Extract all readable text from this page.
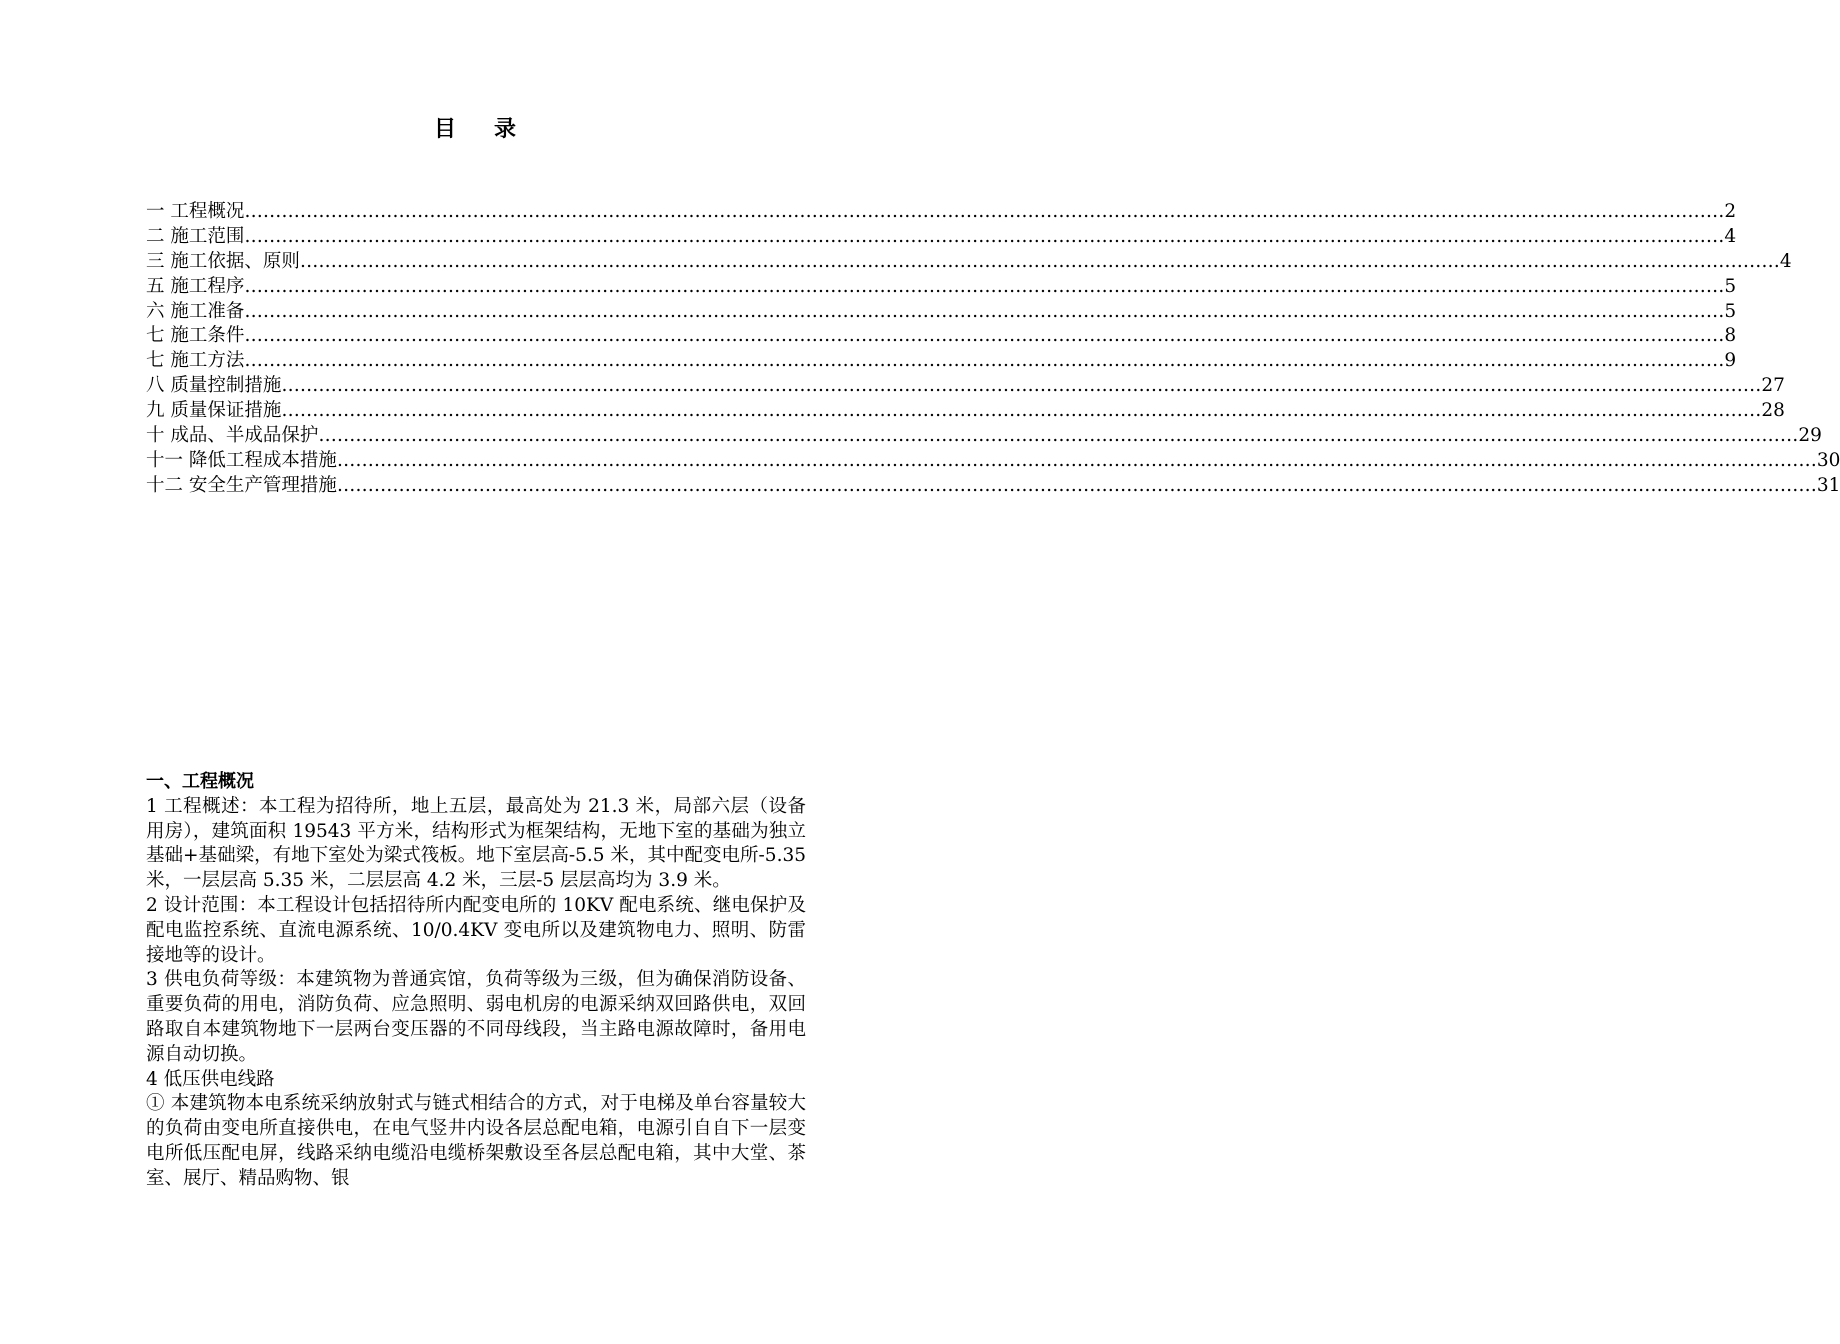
目 录
一 工程概况 …………………………………………………………………………………………………………………………………………………………………………………………………………………… 2
二 施工范围 …………………………………………………………………………………………………………………………………………………………………………………………………………………… 4
三 施工依据、原则 …………………………………………………………………………………………………………………………………………………………………………………………………………………… 4
五 施工程序 …………………………………………………………………………………………………………………………………………………………………………………………………………………… 5
六 施工准备 …………………………………………………………………………………………………………………………………………………………………………………………………………………… 5
七 施工条件 …………………………………………………………………………………………………………………………………………………………………………………………………………………… 8
七 施工方法 …………………………………………………………………………………………………………………………………………………………………………………………………………………… 9
八 质量控制措施 …………………………………………………………………………………………………………………………………………………………………………………………………………………… 27
九 质量保证措施 …………………………………………………………………………………………………………………………………………………………………………………………………………………… 28
十 成品、半成品保护 …………………………………………………………………………………………………………………………………………………………………………………………………………………… 29
十一 降低工程成本措施 …………………………………………………………………………………………………………………………………………………………………………………………………………………… 30
十二 安全生产管理措施 …………………………………………………………………………………………………………………………………………………………………………………………………………………… 31
一、工程概况

1 工程概述：本工程为招待所，地上五层，最高处为 21.3 米，局部六层（设备用房），建筑面积 19543 平方米，结构形式为框架结构，无地下室的基础为独立基础+基础梁，有地下室处为梁式筏板。地下室层高-5.5 米，其中配变电所-5.35 米，一层层高 5.35 米，二层层高 4.2 米，三层-5 层层高均为 3.9 米。

2 设计范围：本工程设计包括招待所内配变电所的 10KV 配电系统、继电保护及配电监控系统、直流电源系统、10/0.4KV 变电所以及建筑物电力、照明、防雷接地等的设计。

3 供电负荷等级：本建筑物为普通宾馆，负荷等级为三级，但为确保消防设备、重要负荷的用电，消防负荷、应急照明、弱电机房的电源采纳双回路供电，双回路取自本建筑物地下一层两台变压器的不同母线段，当主路电源故障时，备用电源自动切换。

4 低压供电线路

① 本建筑物本电系统采纳放射式与链式相结合的方式，对于电梯及单台容量较大的负荷由变电所直接供电，在电气竖井内设各层总配电箱，电源引自自下一层变电所低压配电屏，线路采纳电缆沿电缆桥架敷设至各层总配电箱，其中大堂、茶室、展厅、精品购物、银
